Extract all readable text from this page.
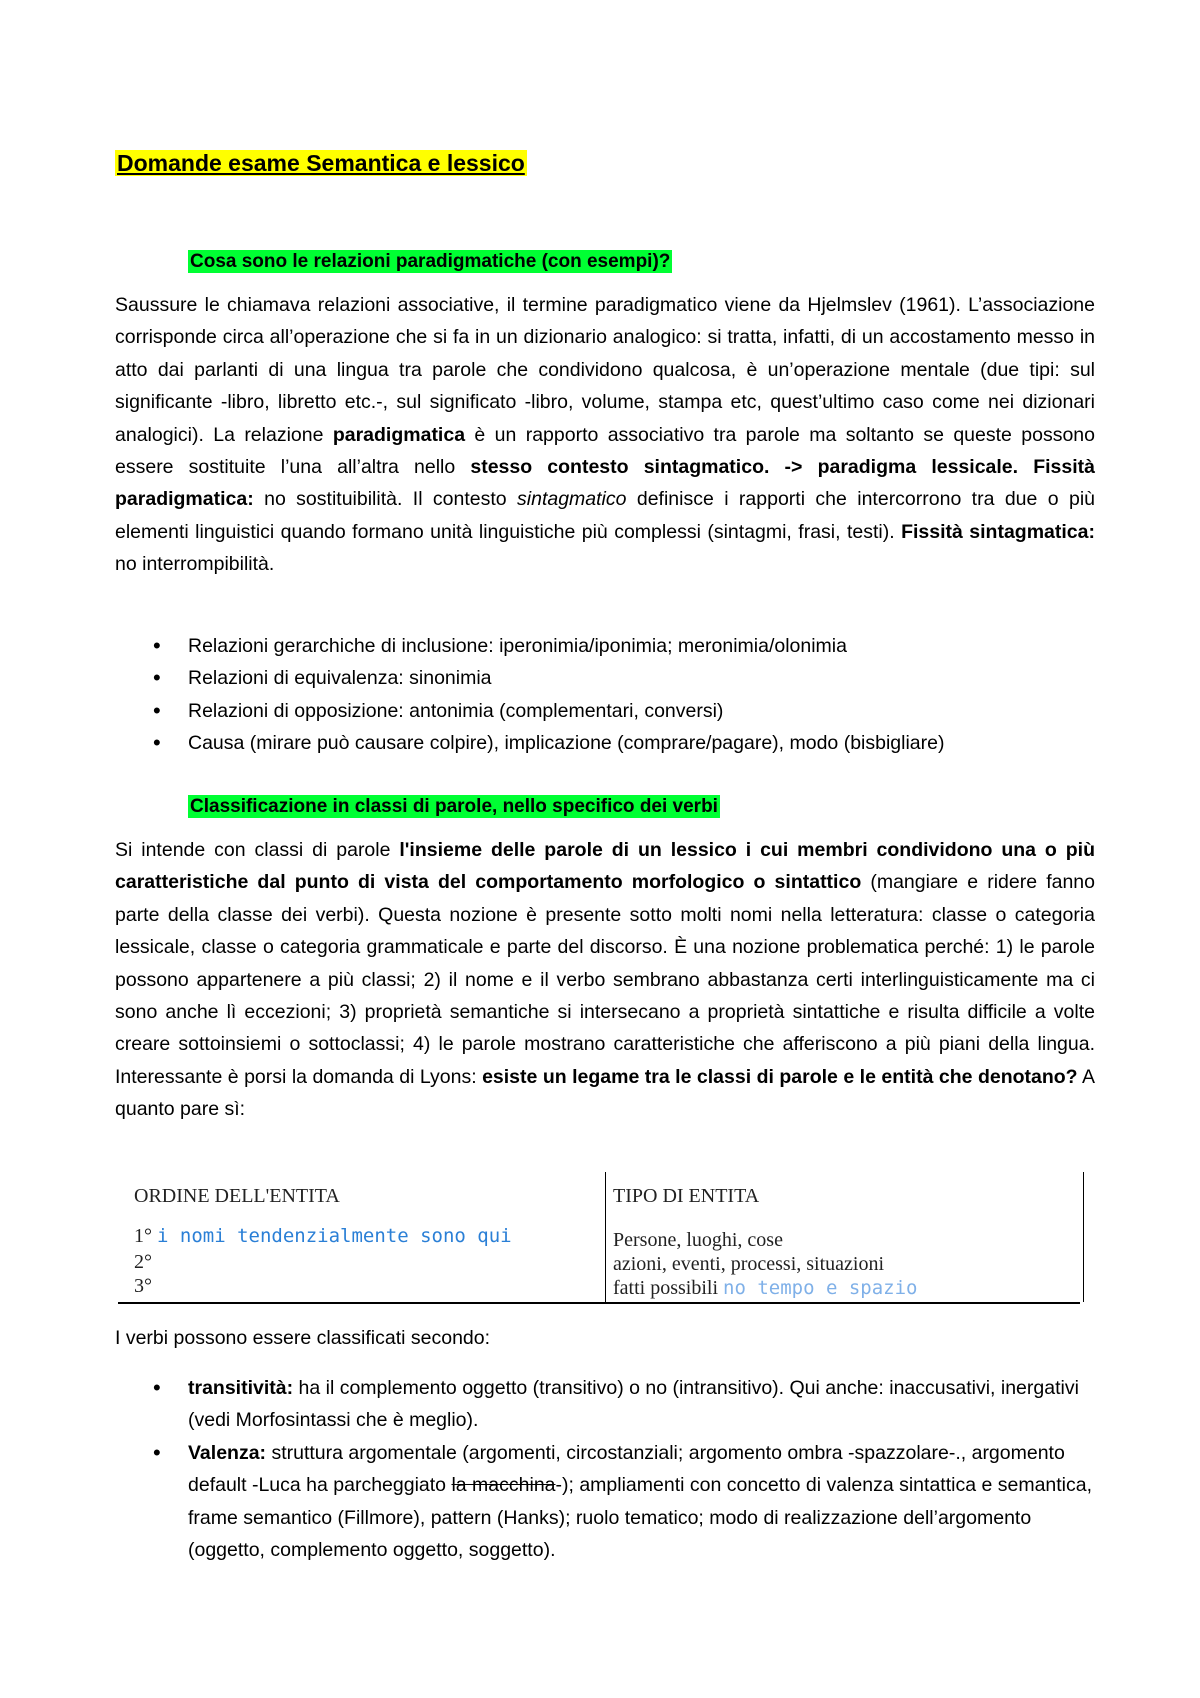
Domande esame Semantica e lessico
Cosa sono le relazioni paradigmatiche (con esempi)?

Saussure le chiamava relazioni associative, il termine paradigmatico viene da Hjelmslev (1961). L’associazione corrisponde circa all’operazione che si fa in un dizionario analogico: si tratta, infatti, di un accostamento messo in atto dai parlanti di una lingua tra parole che condividono qualcosa, è un’operazione mentale (due tipi: sul significante -libro, libretto etc.-, sul significato -libro, volume, stampa etc, quest’ultimo caso come nei dizionari analogici). La relazione paradigmatica è un rapporto associativo tra parole ma soltanto se queste possono essere sostituite l’una all’altra nello stesso contesto sintagmatico. -> paradigma lessicale. Fissità paradigmatica: no sostituibilità. Il contesto sintagmatico definisce i rapporti che intercorrono tra due o più elementi linguistici quando formano unità linguistiche più complessi (sintagmi, frasi, testi). Fissità sintagmatica: no interrompibilità.

• Relazioni gerarchiche di inclusione: iperonimia/iponimia; meronimia/olonimia
• Relazioni di equivalenza: sinonimia
• Relazioni di opposizione: antonimia (complementari, conversi)
• Causa (mirare può causare colpire), implicazione (comprare/pagare), modo (bisbigliare)
Classificazione in classi di parole, nello specifico dei verbi

Si intende con classi di parole l'insieme delle parole di un lessico i cui membri condividono una o più caratteristiche dal punto di vista del comportamento morfologico o sintattico (mangiare e ridere fanno parte della classe dei verbi). Questa nozione è presente sotto molti nomi nella letteratura: classe o categoria lessicale, classe o categoria grammaticale e parte del discorso. È una nozione problematica perché: 1) le parole possono appartenere a più classi; 2) il nome e il verbo sembrano abbastanza certi interlinguisticamente ma ci sono anche lì eccezioni; 3) proprietà semantiche si intersecano a proprietà sintattiche e risulta difficile a volte creare sottoinsiemi o sottoclassi; 4) le parole mostrano caratteristiche che afferiscono a più piani della lingua. Interessante è porsi la domanda di Lyons: esiste un legame tra le classi di parole e le entità che denotano? A quanto pare sì:

ORDINE DELL'ENTITA	TIPO DI ENTITA
1° i nomi tendenzialmente sono qui	Persone, luoghi, cose
2°	azioni, eventi, processi, situazioni
3°	fatti possibili no tempo e spazio

I verbi possono essere classificati secondo:

• transitività: ha il complemento oggetto (transitivo) o no (intransitivo). Qui anche: inaccusativi, inergativi (vedi Morfosintassi che è meglio).
• Valenza: struttura argomentale (argomenti, circostanziali; argomento ombra -spazzolare-., argomento default -Luca ha parcheggiato la macchina-); ampliamenti con concetto di valenza sintattica e semantica, frame semantico (Fillmore), pattern (Hanks); ruolo tematico; modo di realizzazione dell’argomento (oggetto, complemento oggetto, soggetto).
